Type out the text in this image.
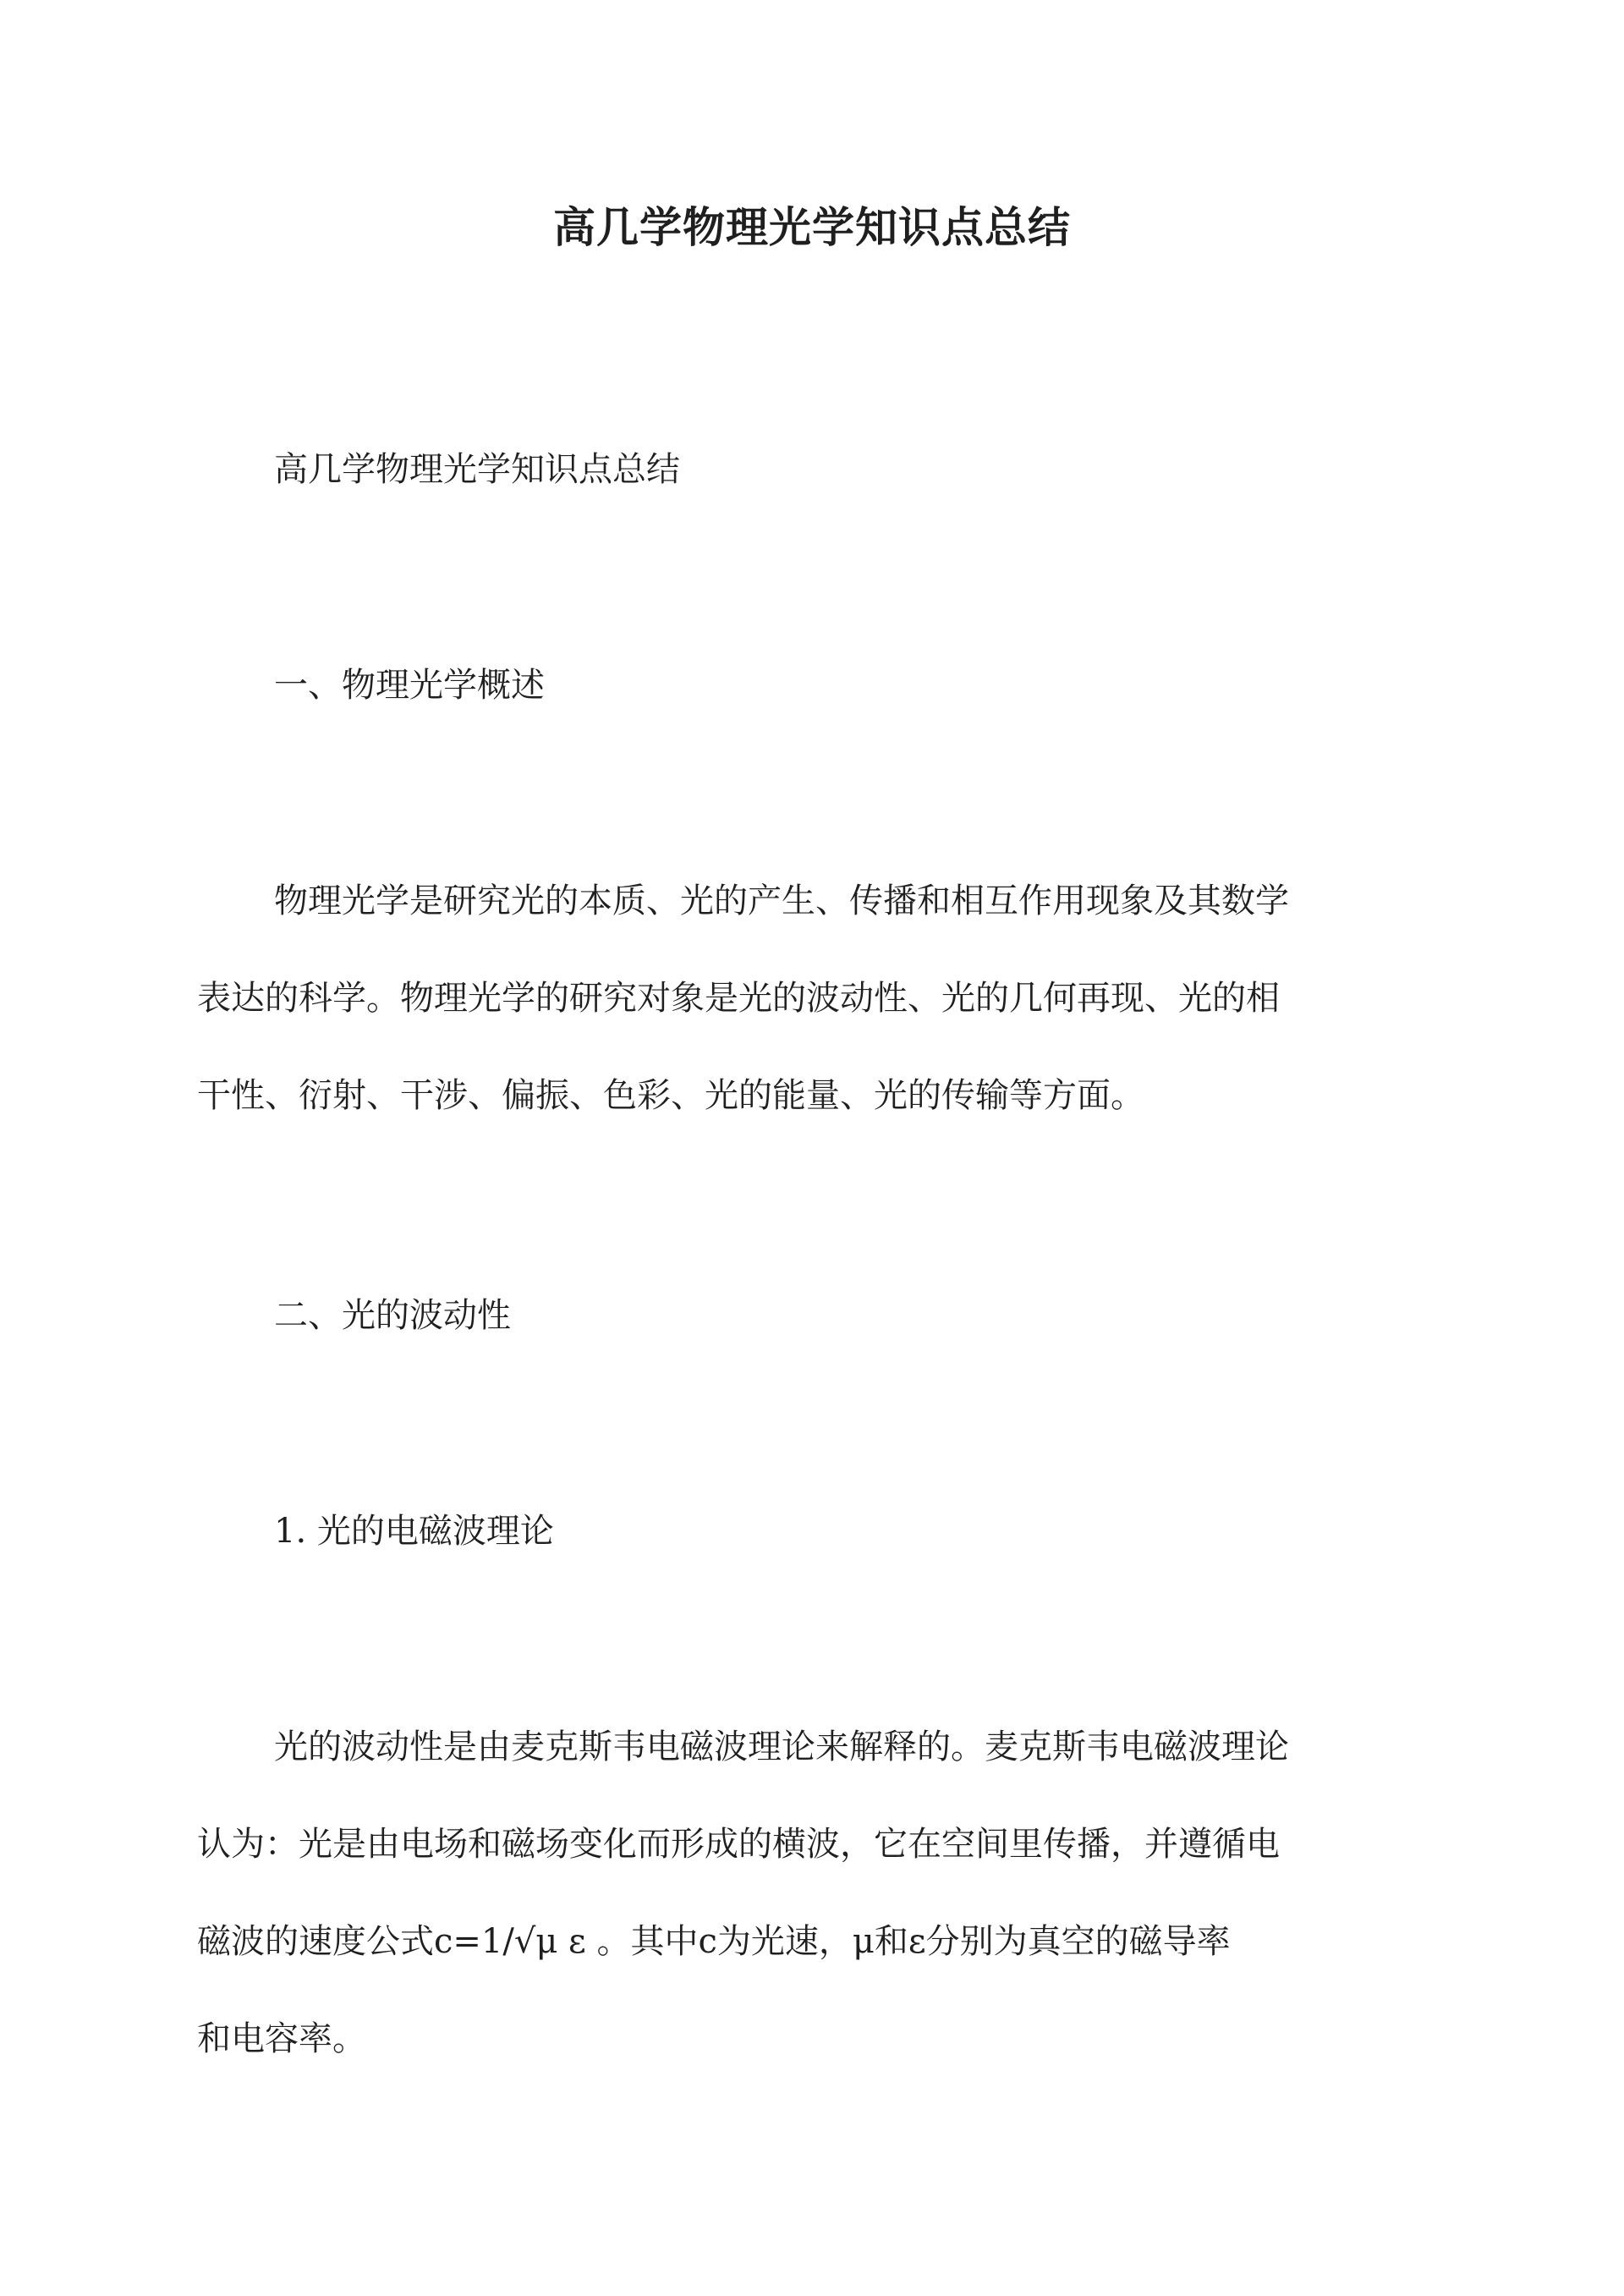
高几学物理光学知识点总结

高几学物理光学知识点总结

一、物理光学概述

物理光学是研究光的本质、光的产生、传播和相互作用现象及其数学

表达的科学。物理光学的研究对象是光的波动性、光的几何再现、光的相

干性、衍射、干涉、偏振、色彩、光的能量、光的传输等方面。

二、光的波动性

1. 光的电磁波理论

光的波动性是由麦克斯韦电磁波理论来解释的。麦克斯韦电磁波理论

认为：光是由电场和磁场变化而形成的横波，它在空间里传播，并遵循电

磁波的速度公式c=1/√μ ε 。其中c为光速，μ和ε分别为真空的磁导率

和电容率。
